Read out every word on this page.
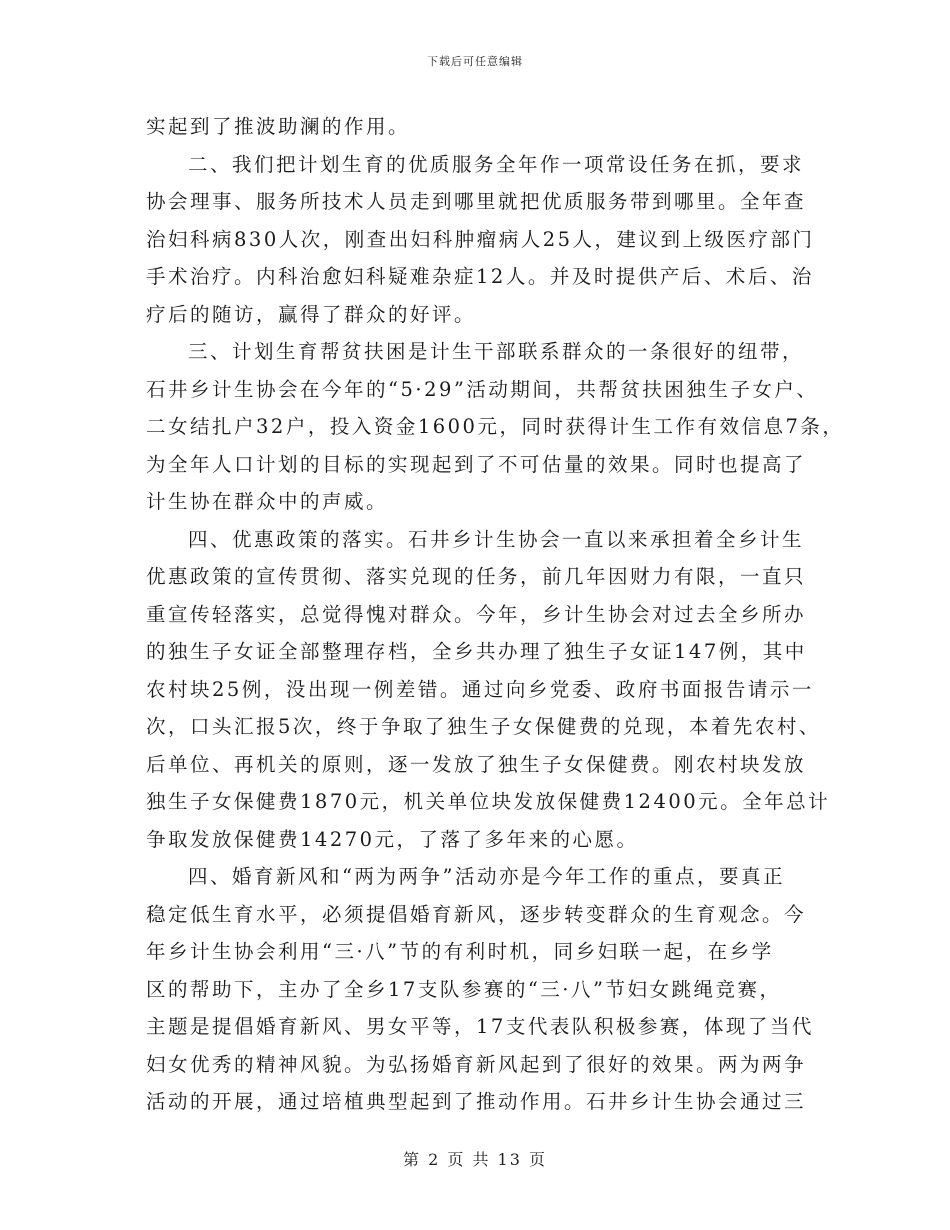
下载后可任意编辑
实起到了推波助澜的作用。
二、我们把计划生育的优质服务全年作一项常设任务在抓，要求
协会理事、服务所技术人员走到哪里就把优质服务带到哪里。全年查
治妇科病830人次，刚查出妇科肿瘤病人25人，建议到上级医疗部门
手术治疗。内科治愈妇科疑难杂症12人。并及时提供产后、术后、治
疗后的随访，赢得了群众的好评。
三、计划生育帮贫扶困是计生干部联系群众的一条很好的纽带，
石井乡计生协会在今年的“5·29”活动期间，共帮贫扶困独生子女户、
二女结扎户32户，投入资金1600元，同时获得计生工作有效信息7条，
为全年人口计划的目标的实现起到了不可估量的效果。同时也提高了
计生协在群众中的声威。
四、优惠政策的落实。石井乡计生协会一直以来承担着全乡计生
优惠政策的宣传贯彻、落实兑现的任务，前几年因财力有限，一直只
重宣传轻落实，总觉得愧对群众。今年，乡计生协会对过去全乡所办
的独生子女证全部整理存档，全乡共办理了独生子女证147例，其中
农村块25例，没出现一例差错。通过向乡党委、政府书面报告请示一
次，口头汇报5次，终于争取了独生子女保健费的兑现，本着先农村、
后单位、再机关的原则，逐一发放了独生子女保健费。刚农村块发放
独生子女保健费1870元，机关单位块发放保健费12400元。全年总计
争取发放保健费14270元，了落了多年来的心愿。
四、婚育新风和“两为两争”活动亦是今年工作的重点，要真正
稳定低生育水平，必须提倡婚育新风，逐步转变群众的生育观念。今
年乡计生协会利用“三·八”节的有利时机，同乡妇联一起，在乡学
区的帮助下，主办了全乡17支队参赛的“三·八”节妇女跳绳竞赛，
主题是提倡婚育新风、男女平等，17支代表队积极参赛，体现了当代
妇女优秀的精神风貌。为弘扬婚育新风起到了很好的效果。两为两争
活动的开展，通过培植典型起到了推动作用。石井乡计生协会通过三
第 2 页 共 13 页
